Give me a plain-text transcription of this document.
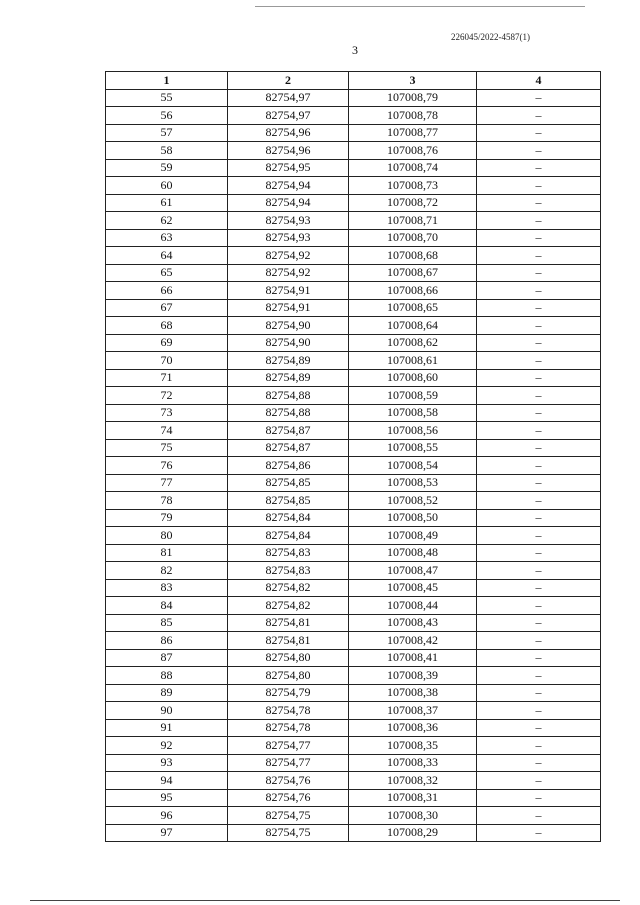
226045/2022-4587(1)
3
1	2	3	4
55	82754,97	107008,79	–
56	82754,97	107008,78	–
57	82754,96	107008,77	–
58	82754,96	107008,76	–
59	82754,95	107008,74	–
60	82754,94	107008,73	–
61	82754,94	107008,72	–
62	82754,93	107008,71	–
63	82754,93	107008,70	–
64	82754,92	107008,68	–
65	82754,92	107008,67	–
66	82754,91	107008,66	–
67	82754,91	107008,65	–
68	82754,90	107008,64	–
69	82754,90	107008,62	–
70	82754,89	107008,61	–
71	82754,89	107008,60	–
72	82754,88	107008,59	–
73	82754,88	107008,58	–
74	82754,87	107008,56	–
75	82754,87	107008,55	–
76	82754,86	107008,54	–
77	82754,85	107008,53	–
78	82754,85	107008,52	–
79	82754,84	107008,50	–
80	82754,84	107008,49	–
81	82754,83	107008,48	–
82	82754,83	107008,47	–
83	82754,82	107008,45	–
84	82754,82	107008,44	–
85	82754,81	107008,43	–
86	82754,81	107008,42	–
87	82754,80	107008,41	–
88	82754,80	107008,39	–
89	82754,79	107008,38	–
90	82754,78	107008,37	–
91	82754,78	107008,36	–
92	82754,77	107008,35	–
93	82754,77	107008,33	–
94	82754,76	107008,32	–
95	82754,76	107008,31	–
96	82754,75	107008,30	–
97	82754,75	107008,29	–
